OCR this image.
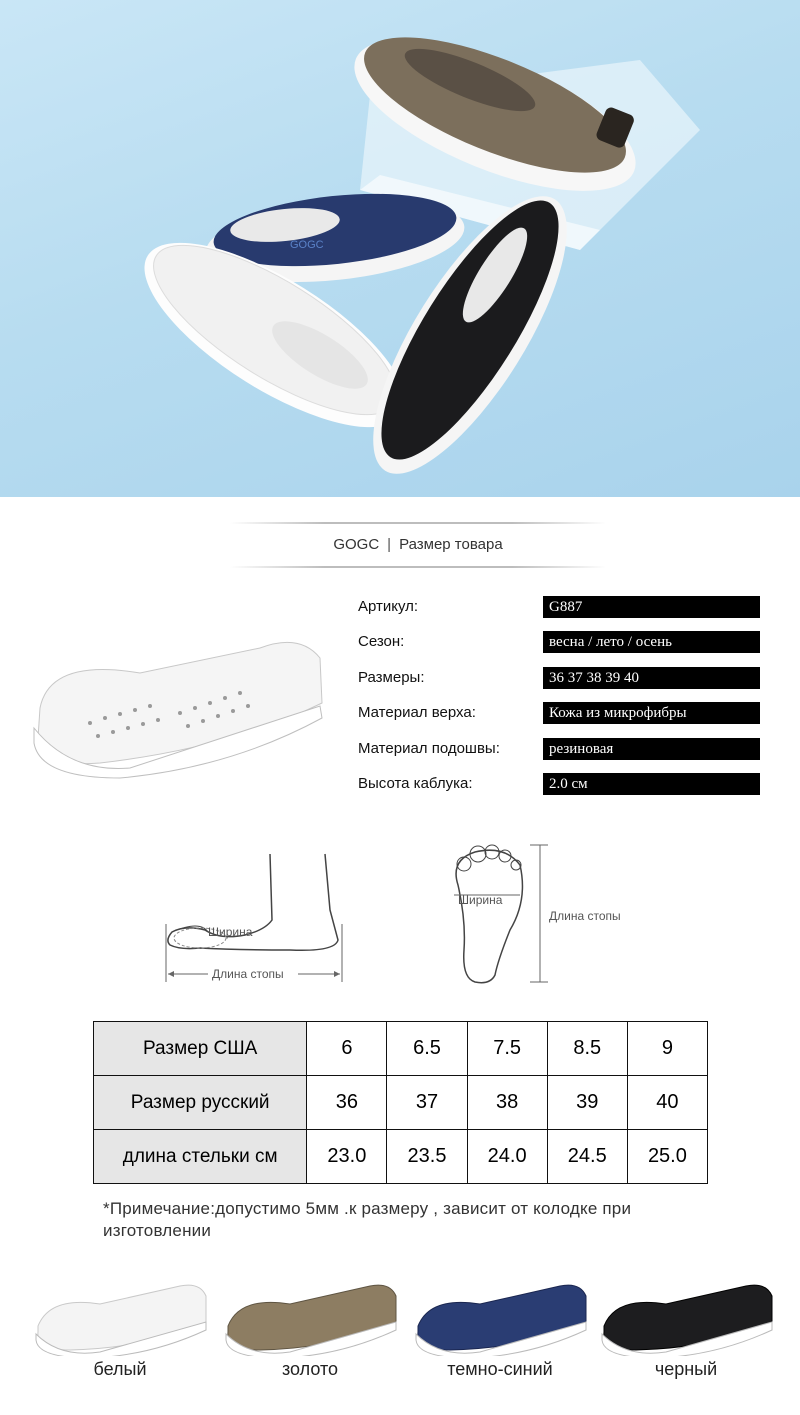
GOGC
GOGC | Размер товара
Артикул:	G887
Сезон:	весна / лето / осень
Размеры:	36 37 38 39 40
Материал верха:	Кожа из микрофибры
Материал подошвы:	резиновая
Высота каблука:	2.0 см
Ширина
Длина стопы
Ширина
Длина стопы
Размер США	6	6.5	7.5	8.5	9
Размер русский	36	37	38	39	40
длина стельки см	23.0	23.5	24.0	24.5	25.0
*Примечание:допустимо 5мм .к размеру , зависит от колодке при изготовлении
белый	золото	темно-синий	черный
